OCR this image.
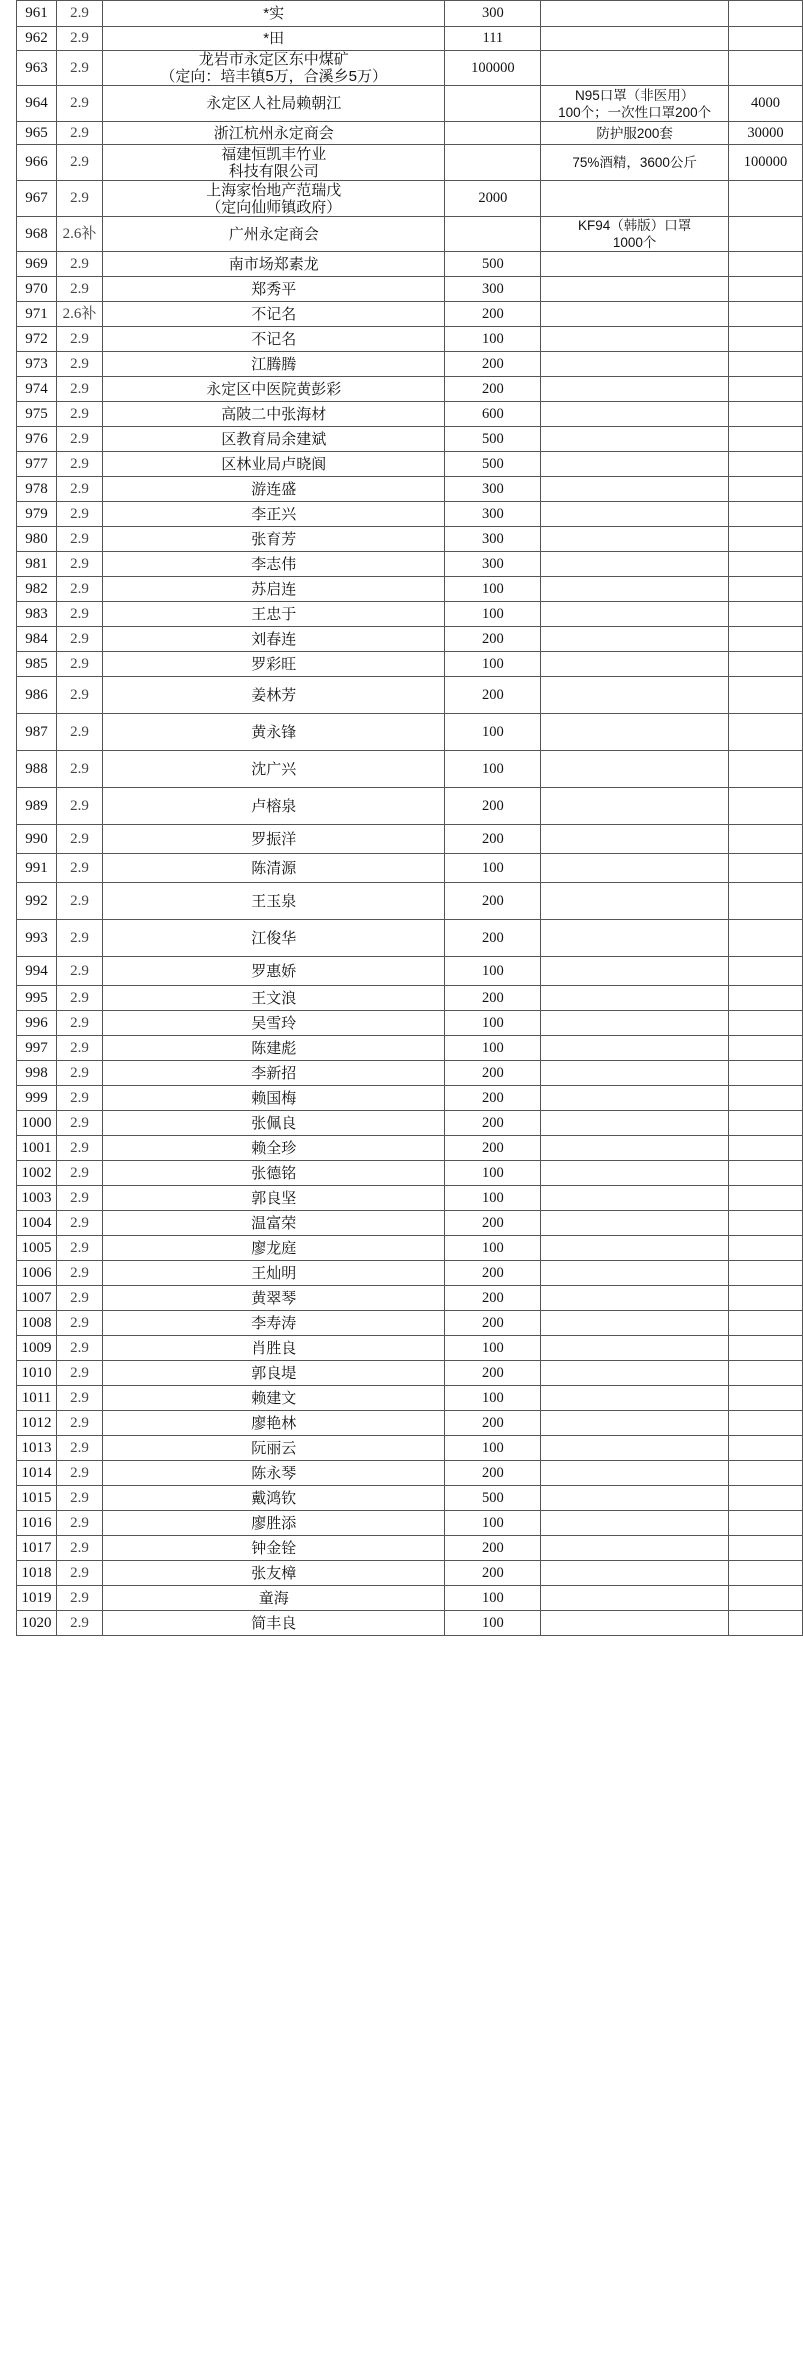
961	2.9	*实	300		
962	2.9	*田	111		
963	2.9	龙岩市永定区东中煤矿
（定向：培丰镇5万，合溪乡5万）	100000		
964	2.9	永定区人社局赖朝江		N95口罩（非医用）
100个；一次性口罩200个	4000
965	2.9	浙江杭州永定商会		防护服200套	30000
966	2.9	福建恒凯丰竹业
科技有限公司		75%酒精，3600公斤	100000
967	2.9	上海家怡地产范瑞戊
（定向仙师镇政府）	2000		
968	2.6补	广州永定商会		KF94（韩版）口罩
1000个	

969	2.9	南市场郑素龙	500		
970	2.9	郑秀平	300		
971	2.6补	不记名	200		
972	2.9	不记名	100		
973	2.9	江腾腾	200		
974	2.9	永定区中医院黄彭彩	200		
975	2.9	高陂二中张海材	600		
976	2.9	区教育局余建斌	500		
977	2.9	区林业局卢晓阆	500		
978	2.9	游连盛	300		
979	2.9	李正兴	300		
980	2.9	张育芳	300		
981	2.9	李志伟	300		
982	2.9	苏启连	100		
983	2.9	王忠于	100		
984	2.9	刘春连	200		
985	2.9	罗彩旺	100		
986	2.9	姜林芳	200		
987	2.9	黄永锋	100		
988	2.9	沈广兴	100		
989	2.9	卢榕泉	200		
990	2.9	罗振洋	200		
991	2.9	陈清源	100		
992	2.9	王玉泉	200		
993	2.9	江俊华	200		
994	2.9	罗惠娇	100		
995	2.9	王文浪	200		
996	2.9	吴雪玲	100		
997	2.9	陈建彪	100		
998	2.9	李新招	200		
999	2.9	赖国梅	200		
1000	2.9	张佩良	200		
1001	2.9	赖全珍	200		
1002	2.9	张德铭	100		
1003	2.9	郭良坚	100		
1004	2.9	温富荣	200		
1005	2.9	廖龙庭	100		
1006	2.9	王灿明	200		
1007	2.9	黄翠琴	200		
1008	2.9	李寿涛	200		
1009	2.9	肖胜良	100		
1010	2.9	郭良堤	200		
1011	2.9	赖建文	100		
1012	2.9	廖艳林	200		
1013	2.9	阮丽云	100		
1014	2.9	陈永琴	200		
1015	2.9	戴鸿钦	500		
1016	2.9	廖胜添	100		
1017	2.9	钟金铨	200		
1018	2.9	张友樟	200		
1019	2.9	童海	100		
1020	2.9	简丰良	100		
